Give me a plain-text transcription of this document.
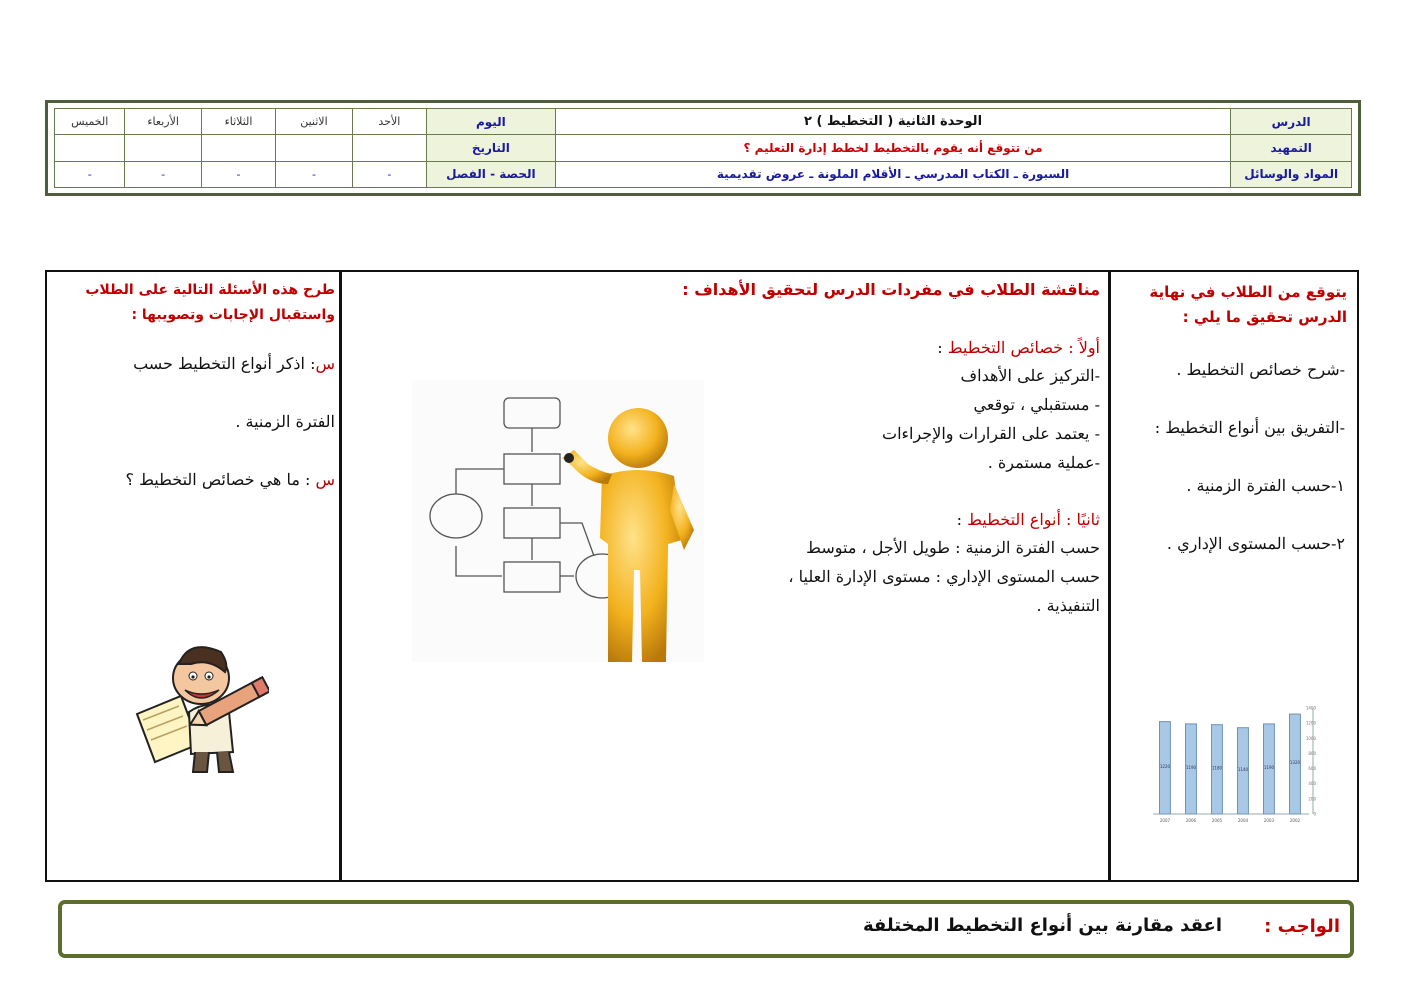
الدرس	الوحدة الثانية ( التخطيط ) ٢	اليوم	الأحد	الاثنين	الثلاثاء	الأربعاء	الخميس
التمهيد	من تتوقع أنه يقوم بالتخطيط لخطط إدارة التعليم ؟	التاريخ					
المواد والوسائل	السبورة ـ الكتاب المدرسي ـ الأقلام الملونة ـ عروض تقديمية	الحصة - الفصل	-	-	-	-	-
يتوقع من الطلاب في نهاية
الدرس تحقيق ما يلي :
-شرح خصائص التخطيط .
-التفريق بين أنواع التخطيط :
١-حسب الفترة الزمنية .
٢-حسب المستوى الإداري .
1220	1190	1180	1140	1190
1320
2007	2006	2005	2004	2003	2002
0
200
400
600
800
1000
1200
1400
مناقشة الطلاب في مفردات الدرس لتحقيق الأهداف :
أولاً : خصائص التخطيط :
-التركيز على الأهداف
- مستقبلي ، توقعي
- يعتمد على القرارات والإجراءات
-عملية مستمرة .
ثانيًا : أنواع التخطيط :
حسب الفترة الزمنية : طويل الأجل ، متوسط
حسب المستوى الإداري : مستوى الإدارة العليا ،
التنفيذية .
طرح هذه الأسئلة التالية على الطلاب
واستقبال الإجابات وتصويبها :
س: اذكر أنواع التخطيط حسب
الفترة الزمنية .
س : ما هي خصائص التخطيط ؟
الواجب :
اعقد مقارنة بين أنواع التخطيط المختلفة
